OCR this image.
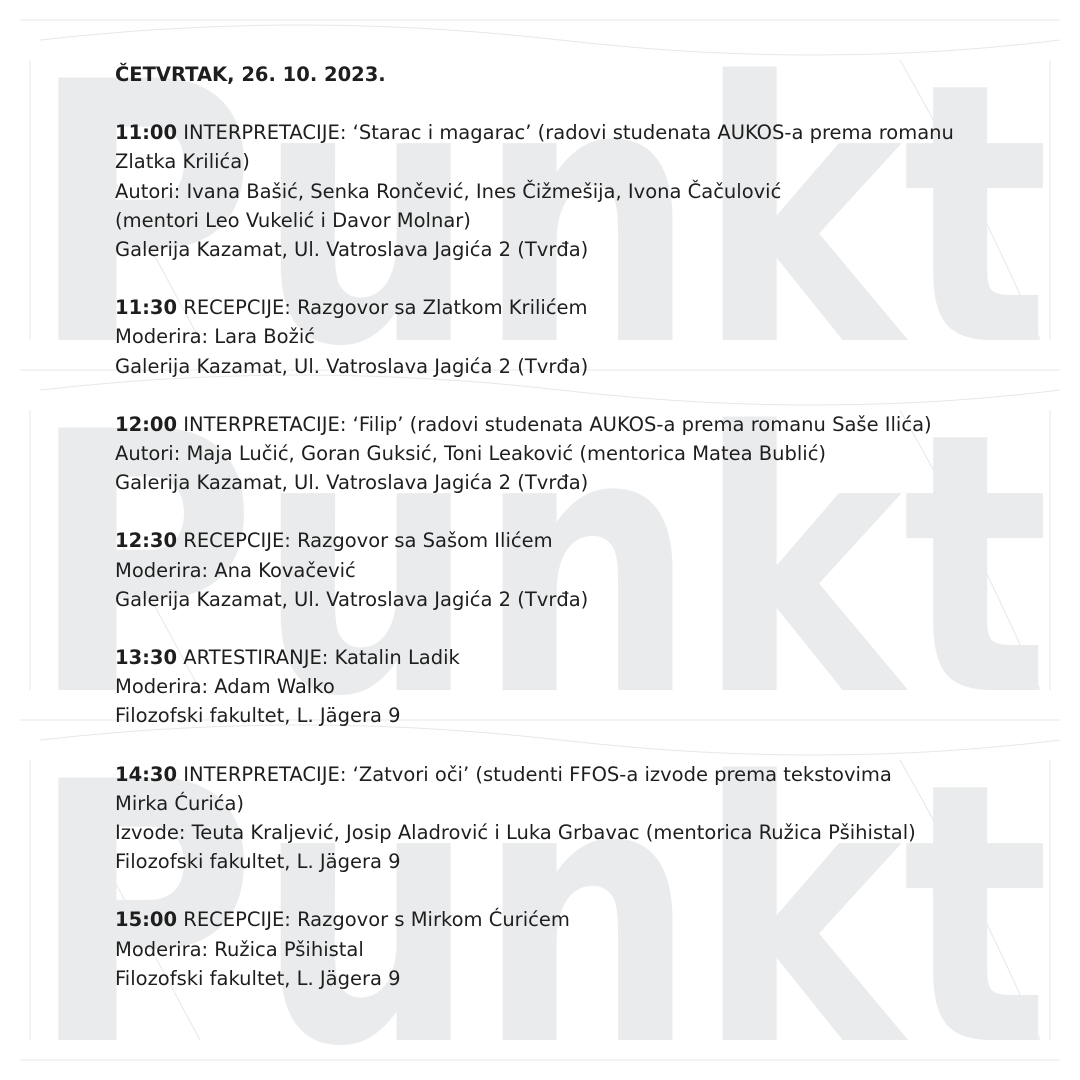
Punkt
Punkt
Punkt
ČETVRTAK, 26. 10. 2023.
11:00 INTERPRETACIJE: ‘Starac i magarac’ (radovi studenata AUKOS-a prema romanu
Zlatka Krilića)
Autori: Ivana Bašić, Senka Rončević, Ines Čižmešija, Ivona Čačulović
(mentori Leo Vukelić i Davor Molnar)
Galerija Kazamat, Ul. Vatroslava Jagića 2 (Tvrđa)
11:30 RECEPCIJE: Razgovor sa Zlatkom Krilićem
Moderira: Lara Božić
Galerija Kazamat, Ul. Vatroslava Jagića 2 (Tvrđa)
12:00 INTERPRETACIJE: ‘Filip’ (radovi studenata AUKOS-a prema romanu Saše Ilića)
Autori: Maja Lučić, Goran Guksić, Toni Leaković (mentorica Matea Bublić)
Galerija Kazamat, Ul. Vatroslava Jagića 2 (Tvrđa)
12:30 RECEPCIJE: Razgovor sa Sašom Ilićem
Moderira: Ana Kovačević
Galerija Kazamat, Ul. Vatroslava Jagića 2 (Tvrđa)
13:30 ARTESTIRANJE: Katalin Ladik
Moderira: Adam Walko
Filozofski fakultet, L. Jägera 9
14:30 INTERPRETACIJE: ‘Zatvori oči’ (studenti FFOS-a izvode prema tekstovima
Mirka Ćurića)
Izvode: Teuta Kraljević, Josip Aladrović i Luka Grbavac (mentorica Ružica Pšihistal)
Filozofski fakultet, L. Jägera 9
15:00 RECEPCIJE: Razgovor s Mirkom Ćurićem
Moderira: Ružica Pšihistal
Filozofski fakultet, L. Jägera 9
